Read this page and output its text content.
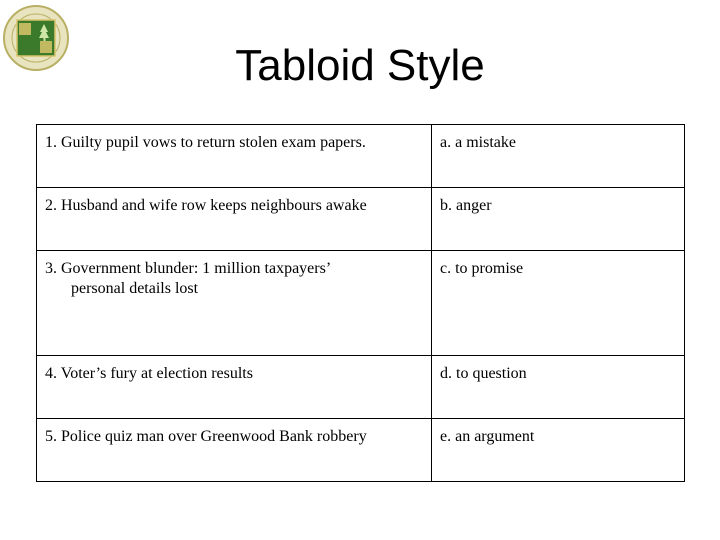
Tabloid Style
1. Guilty pupil vows to return stolen exam papers.	a. a mistake
2. Husband and wife row keeps neighbours awake	b. anger
3. Government blunder: 1 million taxpayers’
personal details lost	c. to promise
4. Voter’s fury at election results	d. to question
5. Police quiz man over Greenwood Bank robbery	e. an argument
